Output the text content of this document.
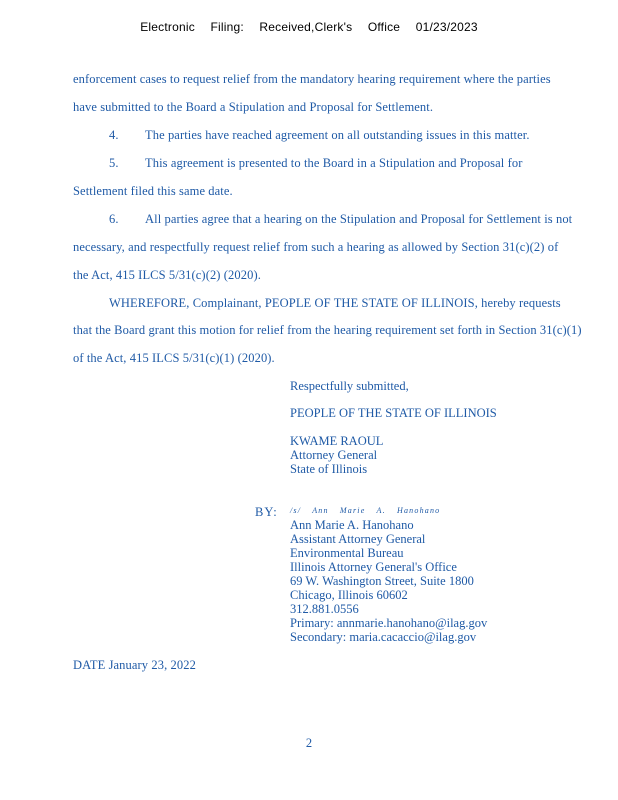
Electronic Filing: Received,Clerk's Office 01/23/2023
enforcement cases to request relief from the mandatory hearing requirement where the parties
have submitted to the Board a Stipulation and Proposal for Settlement.
4. The parties have reached agreement on all outstanding issues in this matter.
5. This agreement is presented to the Board in a Stipulation and Proposal for
Settlement filed this same date.
6. All parties agree that a hearing on the Stipulation and Proposal for Settlement is not
necessary, and respectfully request relief from such a hearing as allowed by Section 31(c)(2) of
the Act, 415 ILCS 5/31(c)(2) (2020).
WHEREFORE, Complainant, PEOPLE OF THE STATE OF ILLINOIS, hereby requests
that the Board grant this motion for relief from the hearing requirement set forth in Section 31(c)(1)
of the Act, 415 ILCS 5/31(c)(1) (2020).
Respectfully submitted,
PEOPLE OF THE STATE OF ILLINOIS
KWAME RAOUL
Attorney General
State of Illinois
BY: /s/ Ann Marie A. Hanohano
Ann Marie A. Hanohano
Assistant Attorney General
Environmental Bureau
Illinois Attorney General's Office
69 W. Washington Street, Suite 1800
Chicago, Illinois 60602
312.881.0556
Primary: annmarie.hanohano@ilag.gov
Secondary: maria.cacaccio@ilag.gov
DATE January 23, 2022
2
